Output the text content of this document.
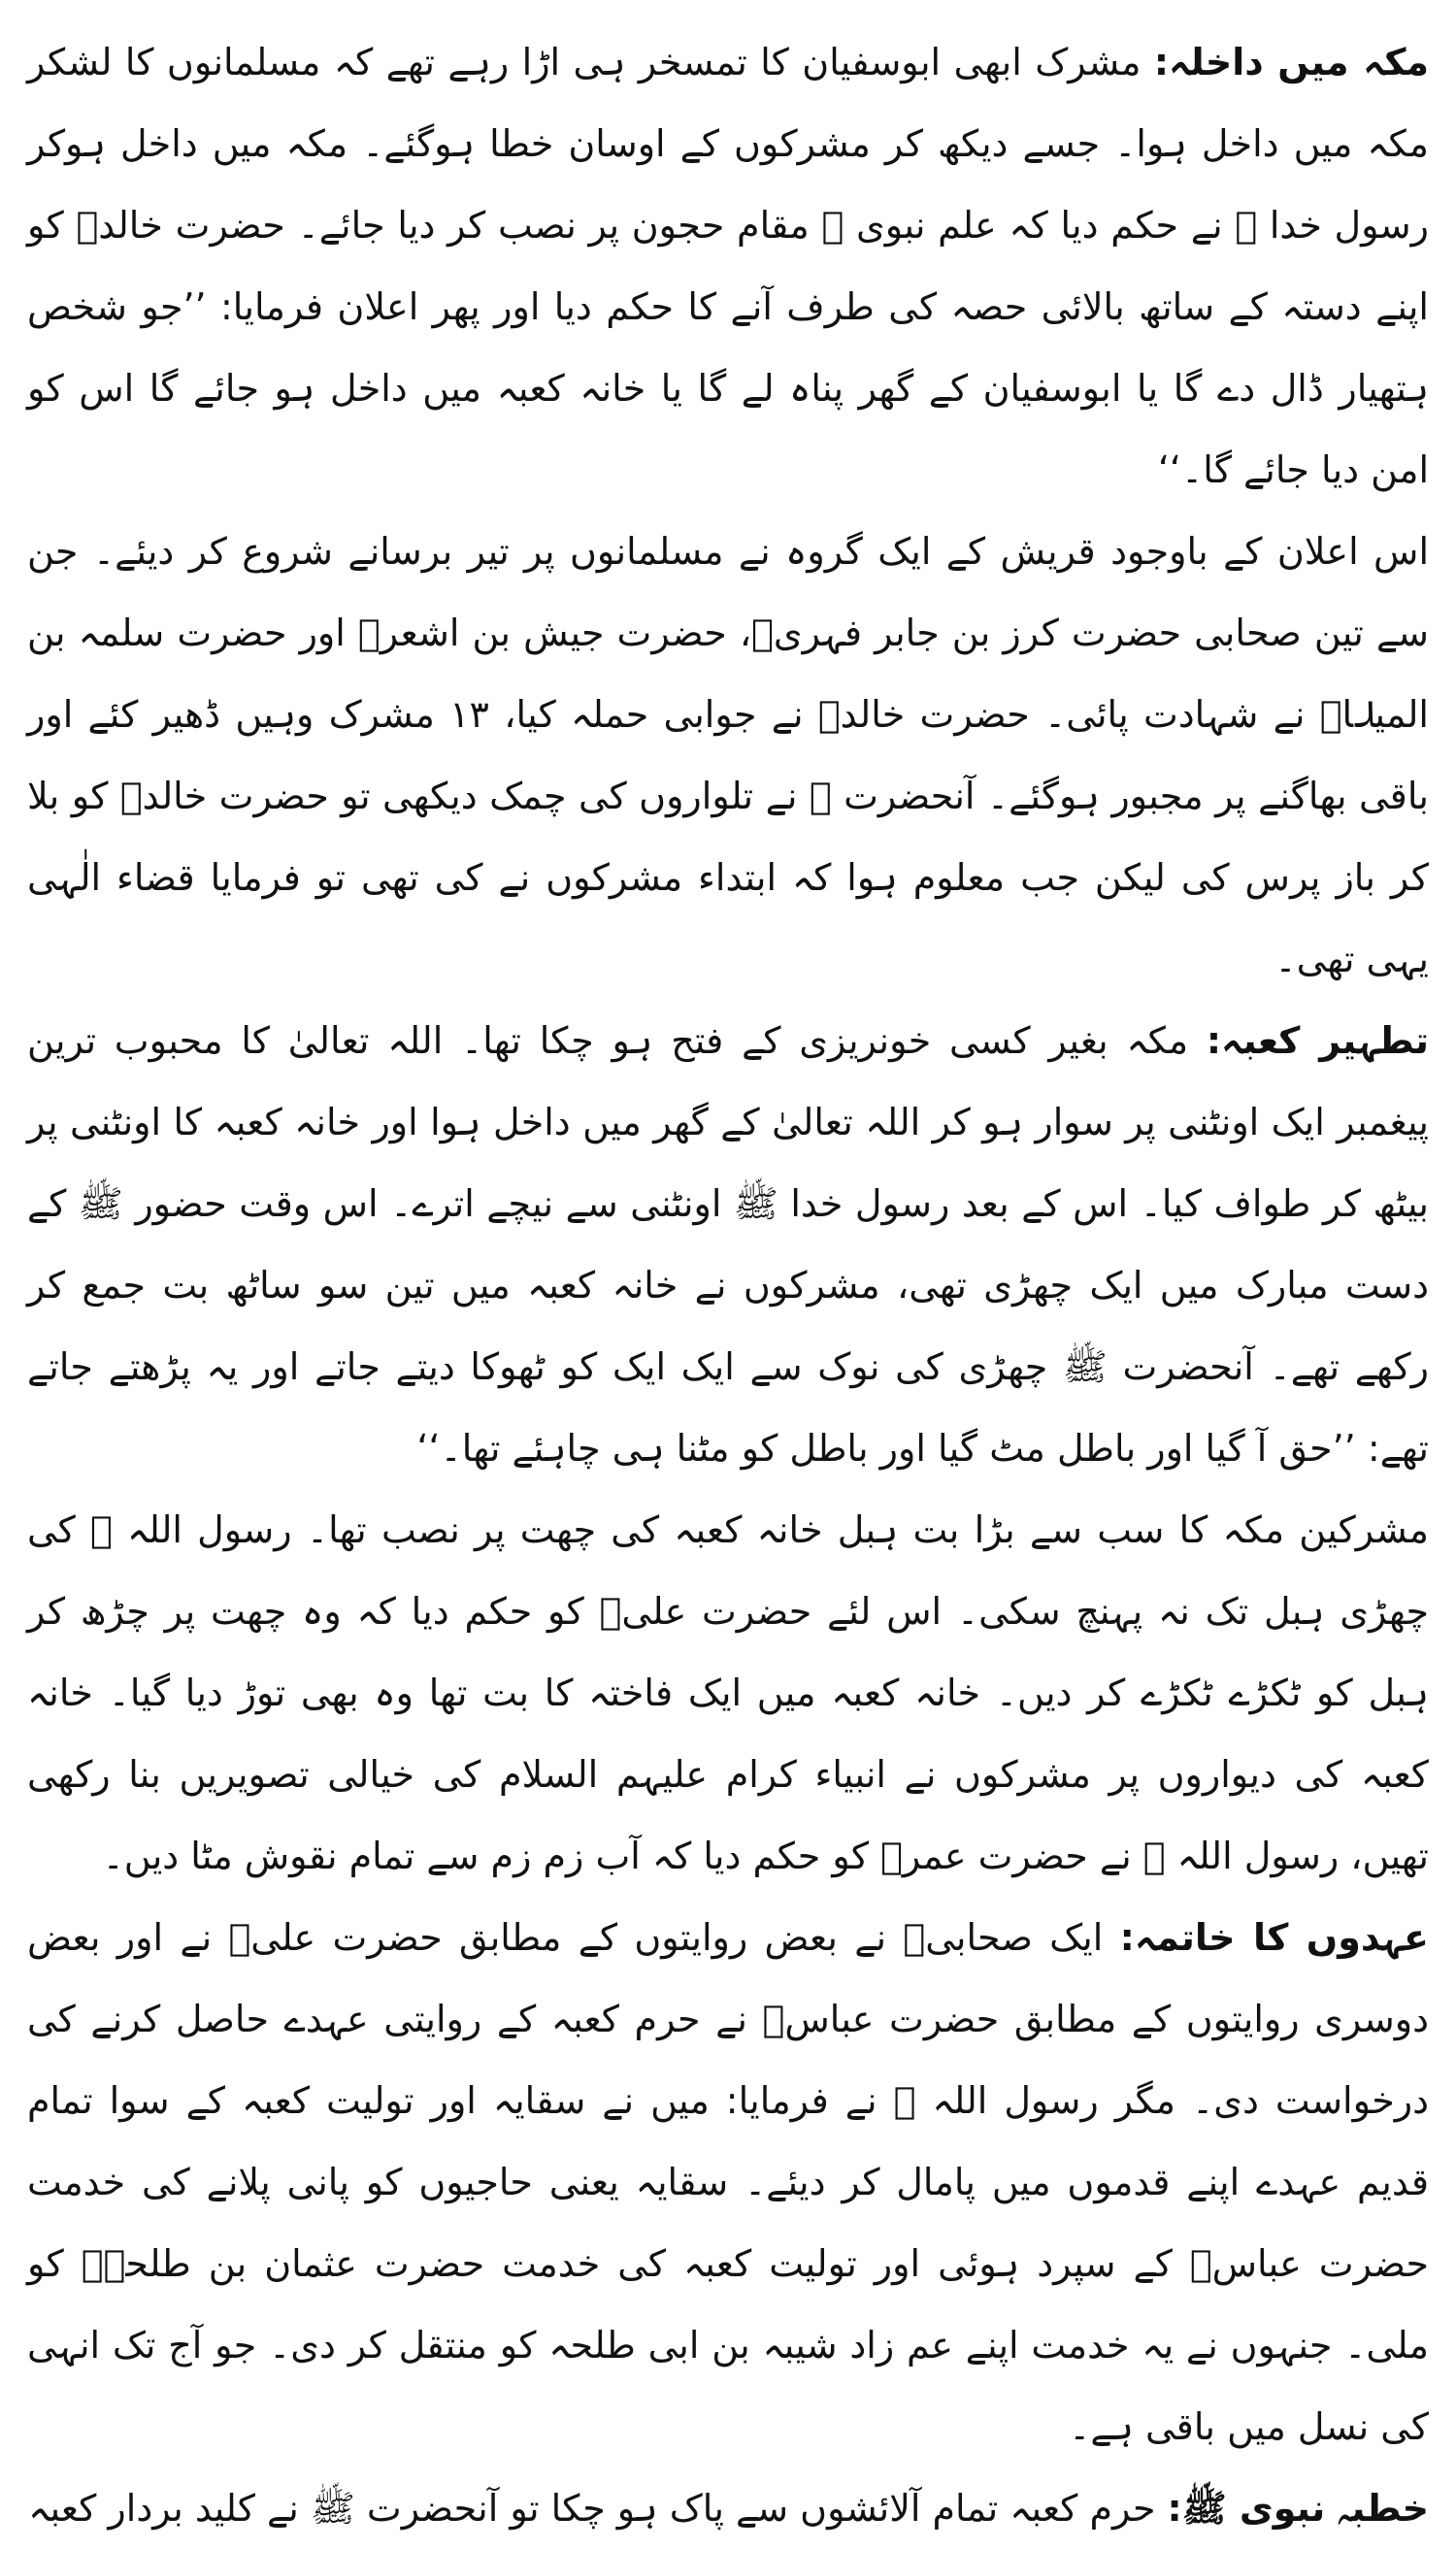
مکہ میں داخلہ: مشرک ابھی ابوسفیان کا تمسخر ہی اڑا رہے تھے کہ مسلمانوں کا لشکر مکہ میں داخل ہوا۔ جسے دیکھ کر مشرکوں کے اوسان خطا ہوگئے۔ مکہ میں داخل ہوکر رسول خدا ﷺ نے حکم دیا کہ علم نبوی ﷺ مقام حجون پر نصب کر دیا جائے۔ حضرت خالدؓ کو اپنے دستہ کے ساتھ بالائی حصہ کی طرف آنے کا حکم دیا اور پھر اعلان فرمایا: ’’جو شخص ہتھیار ڈال دے گا یا ابوسفیان کے گھر پناہ لے گا یا خانہ کعبہ میں داخل ہو جائے گا اس کو امن دیا جائے گا۔‘‘

اس اعلان کے باوجود قریش کے ایک گروہ نے مسلمانوں پر تیر برسانے شروع کر دیئے۔ جن سے تین صحابی حضرت کرز بن جابر فہریؓ، حضرت جیش بن اشعرؓ اور حضرت سلمہ بن المیلاؓ نے شہادت پائی۔ حضرت خالدؓ نے جوابی حملہ کیا، ۱۳ مشرک وہیں ڈھیر کئے اور باقی بھاگنے پر مجبور ہوگئے۔ آنحضرت ﷺ نے تلواروں کی چمک دیکھی تو حضرت خالدؓ کو بلا کر باز پرس کی لیکن جب معلوم ہوا کہ ابتداء مشرکوں نے کی تھی تو فرمایا قضاء الٰہی یہی تھی۔

تطہیر کعبہ: مکہ بغیر کسی خونریزی کے فتح ہو چکا تھا۔ اللہ تعالیٰ کا محبوب ترین پیغمبر ایک اونٹنی پر سوار ہو کر اللہ تعالیٰ کے گھر میں داخل ہوا اور خانہ کعبہ کا اونٹنی پر بیٹھ کر طواف کیا۔ اس کے بعد رسول خدا ﷺ اونٹنی سے نیچے اترے۔ اس وقت حضور ﷺ کے دست مبارک میں ایک چھڑی تھی، مشرکوں نے خانہ کعبہ میں تین سو ساٹھ بت جمع کر رکھے تھے۔ آنحضرت ﷺ چھڑی کی نوک سے ایک ایک کو ٹھوکا دیتے جاتے اور یہ پڑھتے جاتے تھے: ’’حق آ گیا اور باطل مٹ گیا اور باطل کو مٹنا ہی چاہئے تھا۔‘‘

مشرکین مکہ کا سب سے بڑا بت ہبل خانہ کعبہ کی چھت پر نصب تھا۔ رسول اللہ ﷺ کی چھڑی ہبل تک نہ پہنچ سکی۔ اس لئے حضرت علیؓ کو حکم دیا کہ وہ چھت پر چڑھ کر ہبل کو ٹکڑے ٹکڑے کر دیں۔ خانہ کعبہ میں ایک فاختہ کا بت تھا وہ بھی توڑ دیا گیا۔ خانہ کعبہ کی دیواروں پر مشرکوں نے انبیاء کرام علیہم السلام کی خیالی تصویریں بنا رکھی تھیں، رسول اللہ ﷺ نے حضرت عمرؓ کو حکم دیا کہ آب زم زم سے تمام نقوش مٹا دیں۔

عہدوں کا خاتمہ: ایک صحابیؓ نے بعض روایتوں کے مطابق حضرت علیؓ نے اور بعض دوسری روایتوں کے مطابق حضرت عباسؓ نے حرم کعبہ کے روایتی عہدے حاصل کرنے کی درخواست دی۔ مگر رسول اللہ ﷺ نے فرمایا: میں نے سقایہ اور تولیت کعبہ کے سوا تمام قدیم عہدے اپنے قدموں میں پامال کر دیئے۔ سقایہ یعنی حاجیوں کو پانی پلانے کی خدمت حضرت عباسؓ کے سپرد ہوئی اور تولیت کعبہ کی خدمت حضرت عثمان بن طلحہؓ کو ملی۔ جنہوں نے یہ خدمت اپنے عم زاد شیبہ بن ابی طلحہ کو منتقل کر دی۔ جو آج تک انہی کی نسل میں باقی ہے۔

خطبہ نبوی ﷺ: حرم کعبہ تمام آلائشوں سے پاک ہو چکا تو آنحضرت ﷺ نے کلید بردار کعبہ
